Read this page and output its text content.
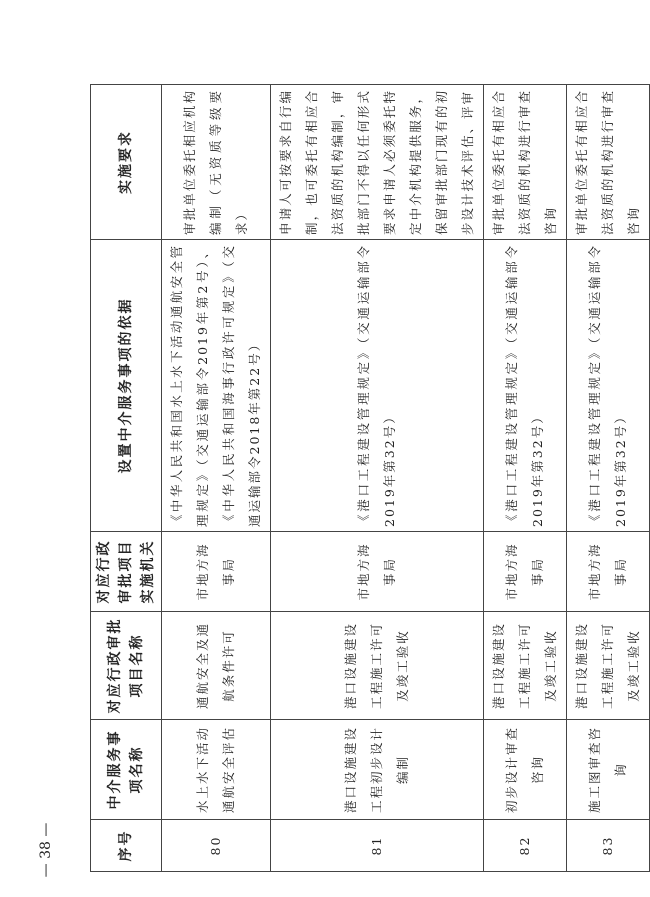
序号	中介服务事项名称	对应行政审批项目名称	对应行政审批项目实施机关	设置中介服务事项的依据	实施要求
80	水上水下活动通航安全评估	通航安全及通航条件许可	市地方海事局	《中华人民共和国水上水下活动通航安全管理规定》（交通运输部令2019年第2号）、《中华人民共和国海事行政许可规定》（交通运输部令2018年第22号）	审批单位委托相应机构编制（无资质等级要求）
81	港口设施建设工程初步设计编制	港口设施建设工程施工许可及竣工验收	市地方海事局	《港口工程建设管理规定》（交通运输部令2019年第32号）	申请人可按要求自行编制，也可委托有相应合法资质的机构编制，审批部门不得以任何形式要求申请人必须委托特定中介机构提供服务，保留审批部门现有的初步设计技术评估、评审
82	初步设计审查咨询	港口设施建设工程施工许可及竣工验收	市地方海事局	《港口工程建设管理规定》（交通运输部令2019年第32号）	审批单位委托有相应合法资质的机构进行审查咨询
83	施工图审查咨询	港口设施建设工程施工许可及竣工验收	市地方海事局	《港口工程建设管理规定》（交通运输部令2019年第32号）	审批单位委托有相应合法资质的机构进行审查咨询
— 38 —
